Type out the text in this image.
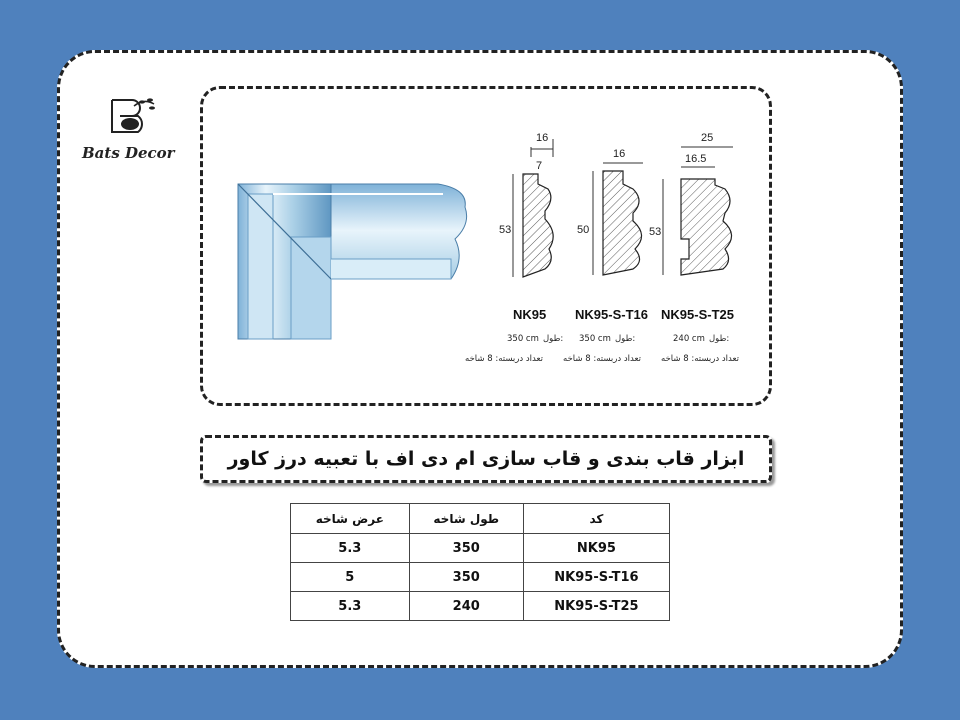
Bats Decor
16
7
53
16
50
25
16.5
53
NK95 NK95-S-T16 NK95-S-T25
350 cm طول: 350 cm طول:	240 cm طول:
تعداد دربسته: 8 شاخه تعداد دربسته: 8 شاخه تعداد دربسته: 8 شاخه
ابزار قاب بندی و قاب سازی ام دی اف با تعبیه درز کاور
عرض شاخه	طول شاخه	کد
5.3	350	NK95
5	350	NK95-S-T16
5.3	240	NK95-S-T25
